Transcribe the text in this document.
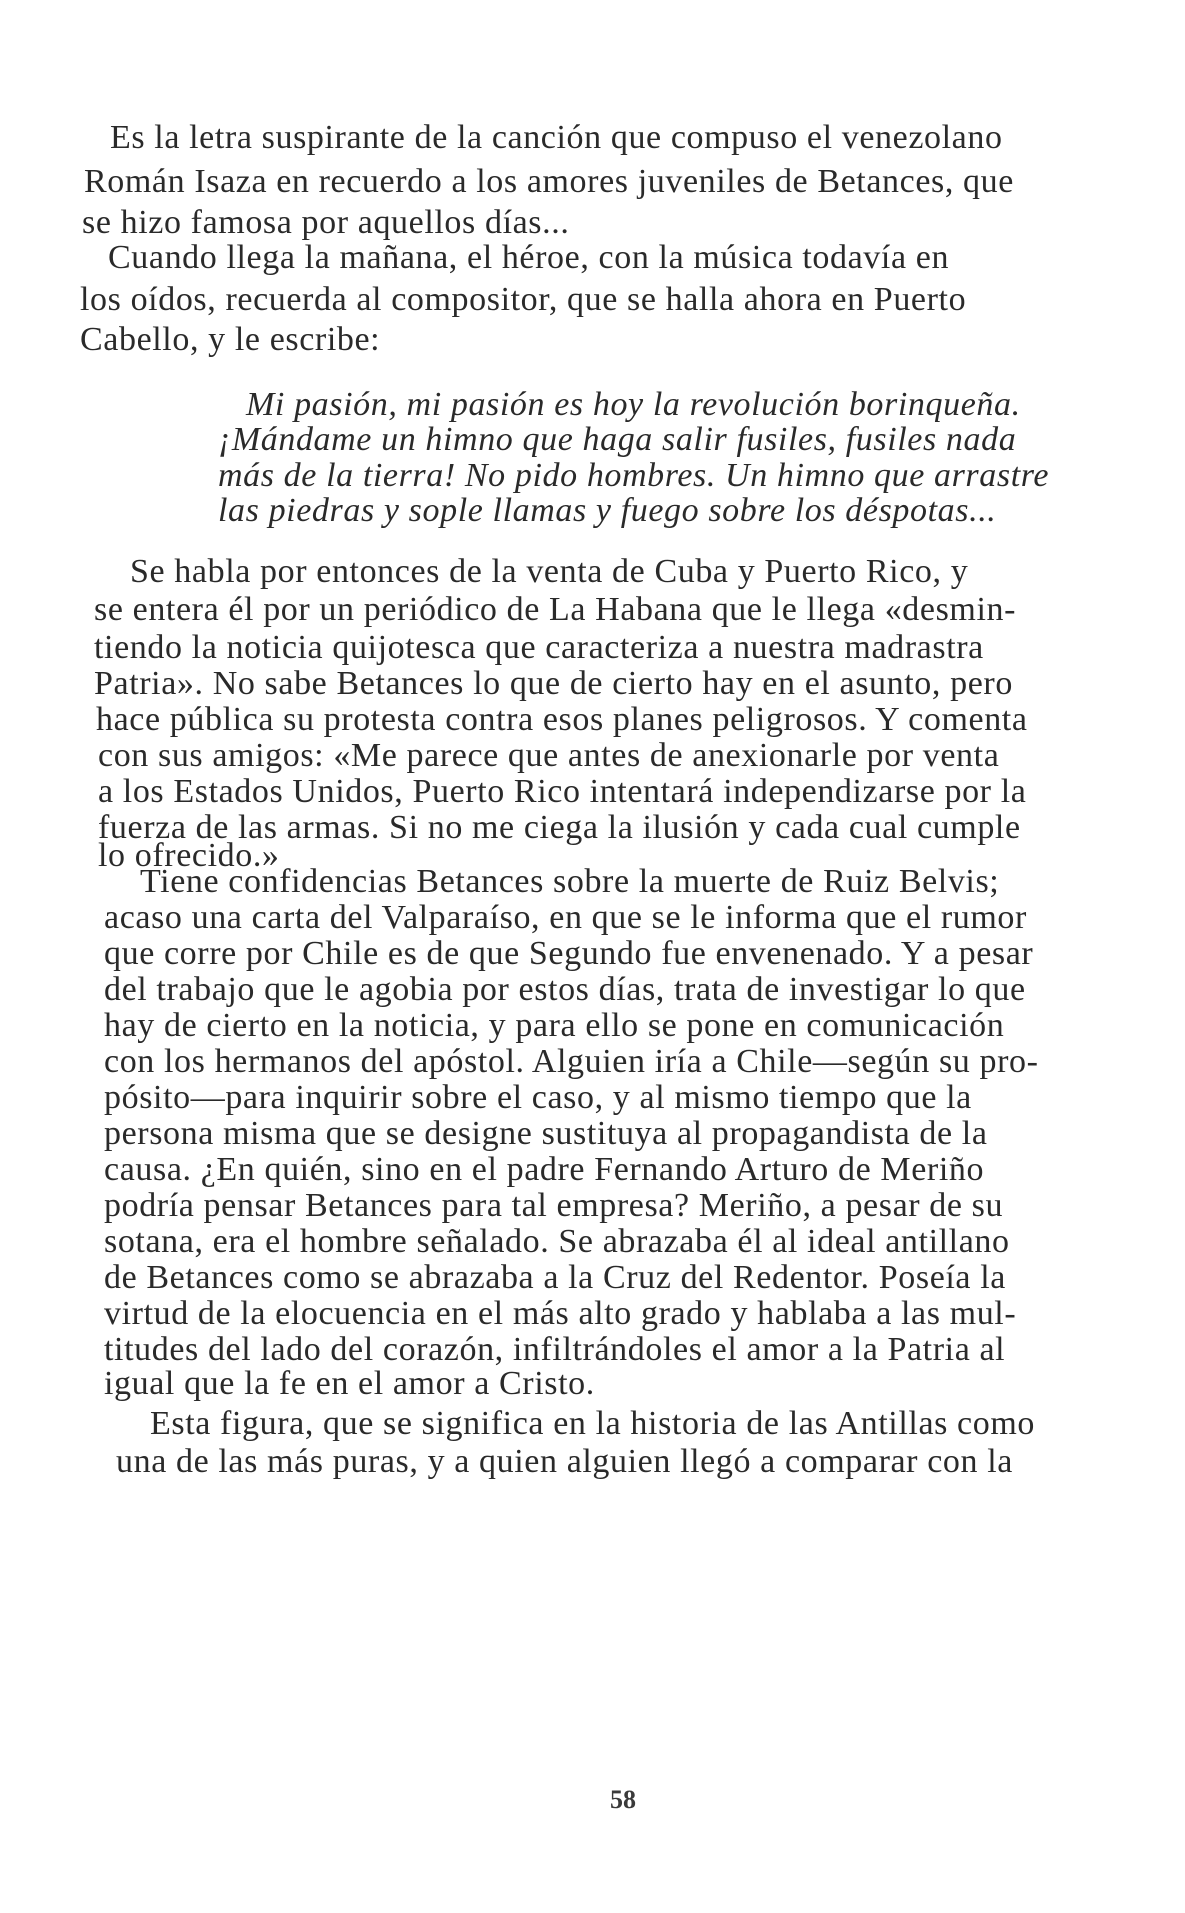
Es la letra suspirante de la canción que compuso el venezolano
Román Isaza en recuerdo a los amores juveniles de Betances, que
se hizo famosa por aquellos días...
Cuando llega la mañana, el héroe, con la música todavía en
los oídos, recuerda al compositor, que se halla ahora en Puerto
Cabello, y le escribe:
Mi pasión, mi pasión es hoy la revolución borinqueña.
¡Mándame un himno que haga salir fusiles, fusiles nada
más de la tierra! No pido hombres. Un himno que arrastre
las piedras y sople llamas y fuego sobre los déspotas...
Se habla por entonces de la venta de Cuba y Puerto Rico, y
se entera él por un periódico de La Habana que le llega «desmin-
tiendo la noticia quijotesca que caracteriza a nuestra madrastra
Patria». No sabe Betances lo que de cierto hay en el asunto, pero
hace pública su protesta contra esos planes peligrosos. Y comenta
con sus amigos: «Me parece que antes de anexionarle por venta
a los Estados Unidos, Puerto Rico intentará independizarse por la
fuerza de las armas. Si no me ciega la ilusión y cada cual cumple
lo ofrecido.»
Tiene confidencias Betances sobre la muerte de Ruiz Belvis;
acaso una carta del Valparaíso, en que se le informa que el rumor
que corre por Chile es de que Segundo fue envenenado. Y a pesar
del trabajo que le agobia por estos días, trata de investigar lo que
hay de cierto en la noticia, y para ello se pone en comunicación
con los hermanos del apóstol. Alguien iría a Chile—según su pro-
pósito—para inquirir sobre el caso, y al mismo tiempo que la
persona misma que se designe sustituya al propagandista de la
causa. ¿En quién, sino en el padre Fernando Arturo de Meriño
podría pensar Betances para tal empresa? Meriño, a pesar de su
sotana, era el hombre señalado. Se abrazaba él al ideal antillano
de Betances como se abrazaba a la Cruz del Redentor. Poseía la
virtud de la elocuencia en el más alto grado y hablaba a las mul-
titudes del lado del corazón, infiltrándoles el amor a la Patria al
igual que la fe en el amor a Cristo.
Esta figura, que se significa en la historia de las Antillas como
una de las más puras, y a quien alguien llegó a comparar con la
58
